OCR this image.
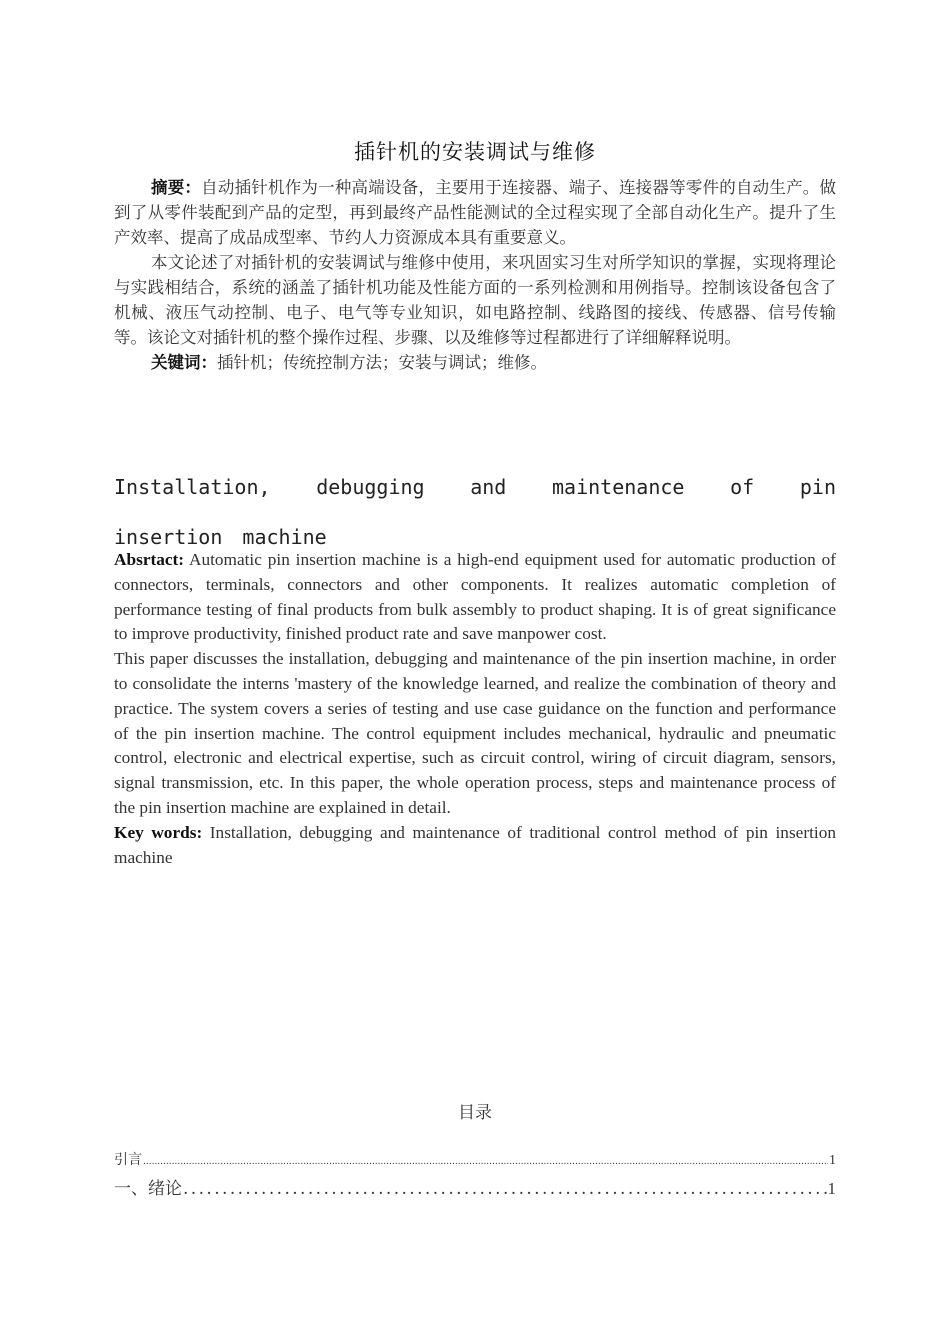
插针机的安装调试与维修

摘要：自动插针机作为一种高端设备，主要用于连接器、端子、连接器等零件的自动生产。做到了从零件装配到产品的定型，再到最终产品性能测试的全过程实现了全部自动化生产。提升了生产效率、提高了成品成型率、节约人力资源成本具有重要意义。

本文论述了对插针机的安装调试与维修中使用，来巩固实习生对所学知识的掌握，实现将理论与实践相结合，系统的涵盖了插针机功能及性能方面的一系列检测和用例指导。控制该设备包含了机械、液压气动控制、电子、电气等专业知识，如电路控制、线路图的接线、传感器、信号传输等。该论文对插针机的整个操作过程、步骤、以及维修等过程都进行了详细解释说明。

关键词：插针机；传统控制方法；安装与调试；维修。

Installation, debugging and maintenance of pin insertion machine

Absrtact: Automatic pin insertion machine is a high-end equipment used for automatic production of connectors, terminals, connectors and other components. It realizes automatic completion of performance testing of final products from bulk assembly to product shaping. It is of great significance to improve productivity, finished product rate and save manpower cost.

This paper discusses the installation, debugging and maintenance of the pin insertion machine, in order to consolidate the interns 'mastery of the knowledge learned, and realize the combination of theory and practice. The system covers a series of testing and use case guidance on the function and performance of the pin insertion machine. The control equipment includes mechanical, hydraulic and pneumatic control, electronic and electrical expertise, such as circuit control, wiring of circuit diagram, sensors, signal transmission, etc. In this paper, the whole operation process, steps and maintenance process of the pin insertion machine are explained in detail.

Key words: Installation, debugging and maintenance of traditional control method of pin insertion machine

目录
引言 .....	1
一、绪论 .....	1
